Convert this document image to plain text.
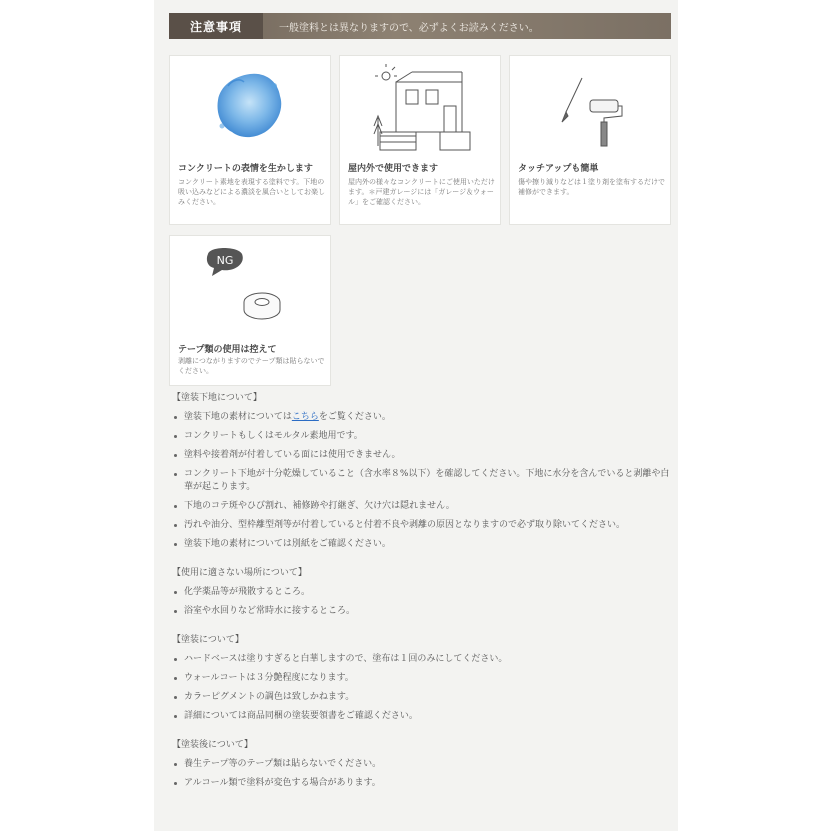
注意事項	一般塗料とは異なりますので、必ずよくお読みください。
コンクリートの表情を生かします
コンクリート素地を表現する塗料です。下地の吸い込みなどによる濃淡を風合いとしてお楽しみください。
屋内外で使用できます
屋内外の様々なコンクリートにご使用いただけます。＊戸建ガレージには「ガレージ＆ウォール」をご確認ください。
タッチアップも簡単
傷や擦り減りなどは１塗り剤を塗布するだけで補修ができます。
NG
テープ類の使用は控えて
剥離につながりますのでテープ類は貼らないでください。
【塗装下地について】
塗装下地の素材についてはこちらをご覧ください。
コンクリートもしくはモルタル素地用です。
塗料や接着剤が付着している面には使用できません。
コンクリート下地が十分乾燥していること（含水率８%以下）を確認してください。下地に水分を含んでいると剥離や白華が起こります。
下地のコテ斑やひび割れ、補修跡や打継ぎ、欠け穴は隠れません。
汚れや油分、型枠離型剤等が付着していると付着不良や剥離の原因となりますので必ず取り除いてください。
塗装下地の素材については別紙をご確認ください。
【使用に適さない場所について】
化学薬品等が飛散するところ。
浴室や水回りなど常時水に接するところ。
【塗装について】
ハードベースは塗りすぎると白華しますので、塗布は１回のみにしてください。
ウォールコートは３分艶程度になります。
カラーピグメントの調色は致しかねます。
詳細については商品同梱の塗装要領書をご確認ください。
【塗装後について】
養生テープ等のテープ類は貼らないでください。
アルコール類で塗料が変色する場合があります。
